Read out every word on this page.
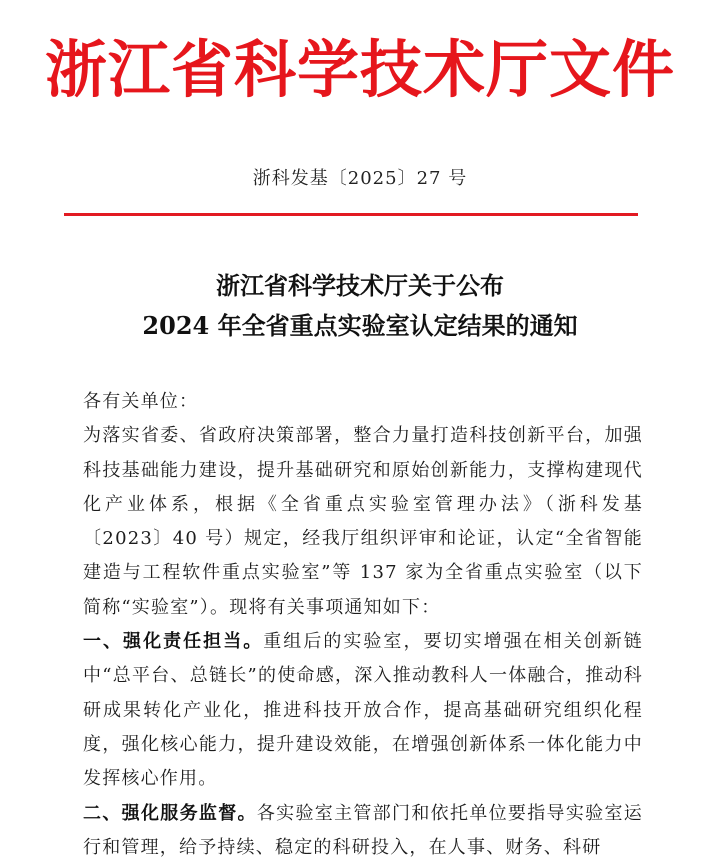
浙江省科学技术厅文件
浙科发基〔2025〕27 号
浙江省科学技术厅关于公布
2024 年全省重点实验室认定结果的通知

各有关单位：

为落实省委、省政府决策部署，整合力量打造科技创新平台，加强科技基础能力建设，提升基础研究和原始创新能力，支撑构建现代化产业体系，根据《全省重点实验室管理办法》（浙科发基〔2023〕40 号）规定，经我厅组织评审和论证，认定“全省智能建造与工程软件重点实验室”等 137 家为全省重点实验室（以下简称“实验室”）。现将有关事项通知如下：

一、强化责任担当。重组后的实验室，要切实增强在相关创新链中“总平台、总链长”的使命感，深入推动教科人一体融合，推动科研成果转化产业化，推进科技开放合作，提高基础研究组织化程度，强化核心能力，提升建设效能，在增强创新体系一体化能力中发挥核心作用。

二、强化服务监督。各实验室主管部门和依托单位要指导实验室运行和管理，给予持续、稳定的科研投入，在人事、财务、科研
